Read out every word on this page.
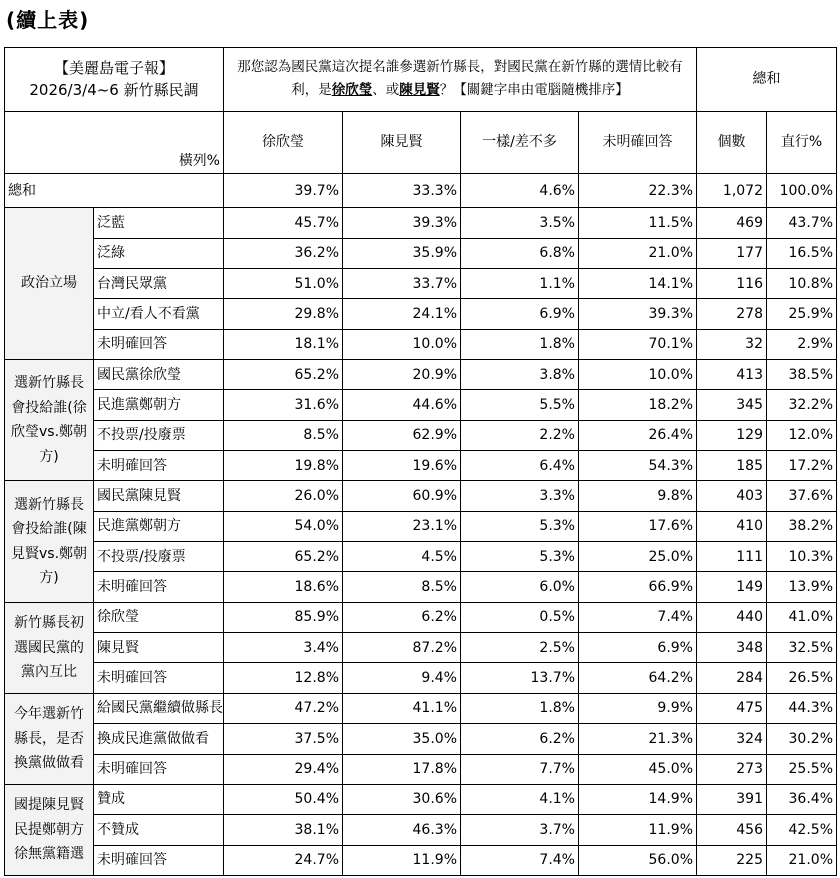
(續上表)
【美麗島電子報】
2026/3/4~6 新竹縣民調		那您認為國民黨這次提名誰參選新竹縣長，對國民黨在新竹縣的選情比較有利，是徐欣瑩、或陳見賢？【關鍵字串由電腦隨機排序】				總和	
橫列%		徐欣瑩	陳見賢	一樣/差不多	未明確回答	個數	直行%
總和		39.7%	33.3%	4.6%	22.3%	1,072	100.0%
政治立場	泛藍	45.7%	39.3%	3.5%	11.5%	469	43.7%
	泛綠	36.2%	35.9%	6.8%	21.0%	177	16.5%
	台灣民眾黨	51.0%	33.7%	1.1%	14.1%	116	10.8%
	中立/看人不看黨	29.8%	24.1%	6.9%	39.3%	278	25.9%
	未明確回答	18.1%	10.0%	1.8%	70.1%	32	2.9%
選新竹縣長會投給誰(徐欣瑩vs.鄭朝方)	國民黨徐欣瑩	65.2%	20.9%	3.8%	10.0%	413	38.5%
	民進黨鄭朝方	31.6%	44.6%	5.5%	18.2%	345	32.2%
	不投票/投廢票	8.5%	62.9%	2.2%	26.4%	129	12.0%
	未明確回答	19.8%	19.6%	6.4%	54.3%	185	17.2%
選新竹縣長會投給誰(陳見賢vs.鄭朝方)	國民黨陳見賢	26.0%	60.9%	3.3%	9.8%	403	37.6%
	民進黨鄭朝方	54.0%	23.1%	5.3%	17.6%	410	38.2%
	不投票/投廢票	65.2%	4.5%	5.3%	25.0%	111	10.3%
	未明確回答	18.6%	8.5%	6.0%	66.9%	149	13.9%
新竹縣長初選國民黨的黨內互比	徐欣瑩	85.9%	6.2%	0.5%	7.4%	440	41.0%
	陳見賢	3.4%	87.2%	2.5%	6.9%	348	32.5%
	未明確回答	12.8%	9.4%	13.7%	64.2%	284	26.5%
今年選新竹縣長，是否換黨做做看	給國民黨繼續做縣長	47.2%	41.1%	1.8%	9.9%	475	44.3%
	換成民進黨做做看	37.5%	35.0%	6.2%	21.3%	324	30.2%
	未明確回答	29.4%	17.8%	7.7%	45.0%	273	25.5%
國提陳見賢民提鄭朝方徐無黨籍選	贊成	50.4%	30.6%	4.1%	14.9%	391	36.4%
	不贊成	38.1%	46.3%	3.7%	11.9%	456	42.5%
	未明確回答	24.7%	11.9%	7.4%	56.0%	225	21.0%
